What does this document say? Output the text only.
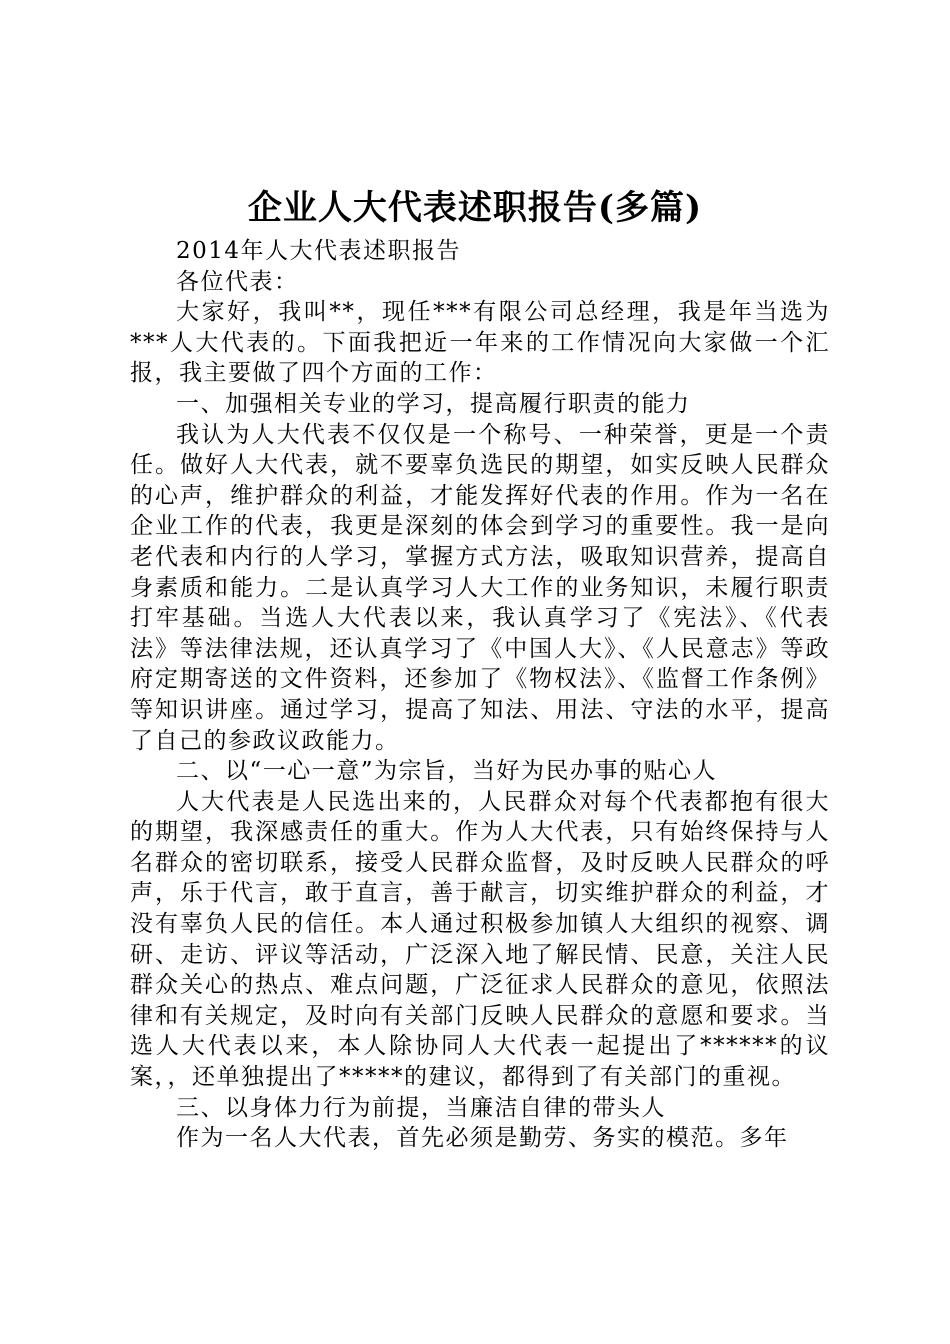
企业人大代表述职报告(多篇)

2014年人大代表述职报告

各位代表：

大家好，我叫**，现任***有限公司总经理，我是年当选为***人大代表的。下面我把近一年来的工作情况向大家做一个汇报，我主要做了四个方面的工作：

一、加强相关专业的学习，提高履行职责的能力

我认为人大代表不仅仅是一个称号、一种荣誉，更是一个责任。做好人大代表，就不要辜负选民的期望，如实反映人民群众的心声，维护群众的利益，才能发挥好代表的作用。作为一名在企业工作的代表，我更是深刻的体会到学习的重要性。我一是向老代表和内行的人学习，掌握方式方法，吸取知识营养，提高自身素质和能力。二是认真学习人大工作的业务知识，未履行职责打牢基础。当选人大代表以来，我认真学习了《宪法》、《代表法》等法律法规，还认真学习了《中国人大》、《人民意志》等政府定期寄送的文件资料，还参加了《物权法》、《监督工作条例》等知识讲座。通过学习，提高了知法、用法、守法的水平，提高了自己的参政议政能力。

二、以“一心一意”为宗旨，当好为民办事的贴心人

人大代表是人民选出来的，人民群众对每个代表都抱有很大的期望，我深感责任的重大。作为人大代表，只有始终保持与人名群众的密切联系，接受人民群众监督，及时反映人民群众的呼声，乐于代言，敢于直言，善于献言，切实维护群众的利益，才没有辜负人民的信任。本人通过积极参加镇人大组织的视察、调研、走访、评议等活动，广泛深入地了解民情、民意，关注人民群众关心的热点、难点问题，广泛征求人民群众的意见，依照法律和有关规定，及时向有关部门反映人民群众的意愿和要求。当选人大代表以来，本人除协同人大代表一起提出了******的议案，，还单独提出了*****的建议，都得到了有关部门的重视。

三、以身体力行为前提，当廉洁自律的带头人

作为一名人大代表，首先必须是勤劳、务实的模范。多年
